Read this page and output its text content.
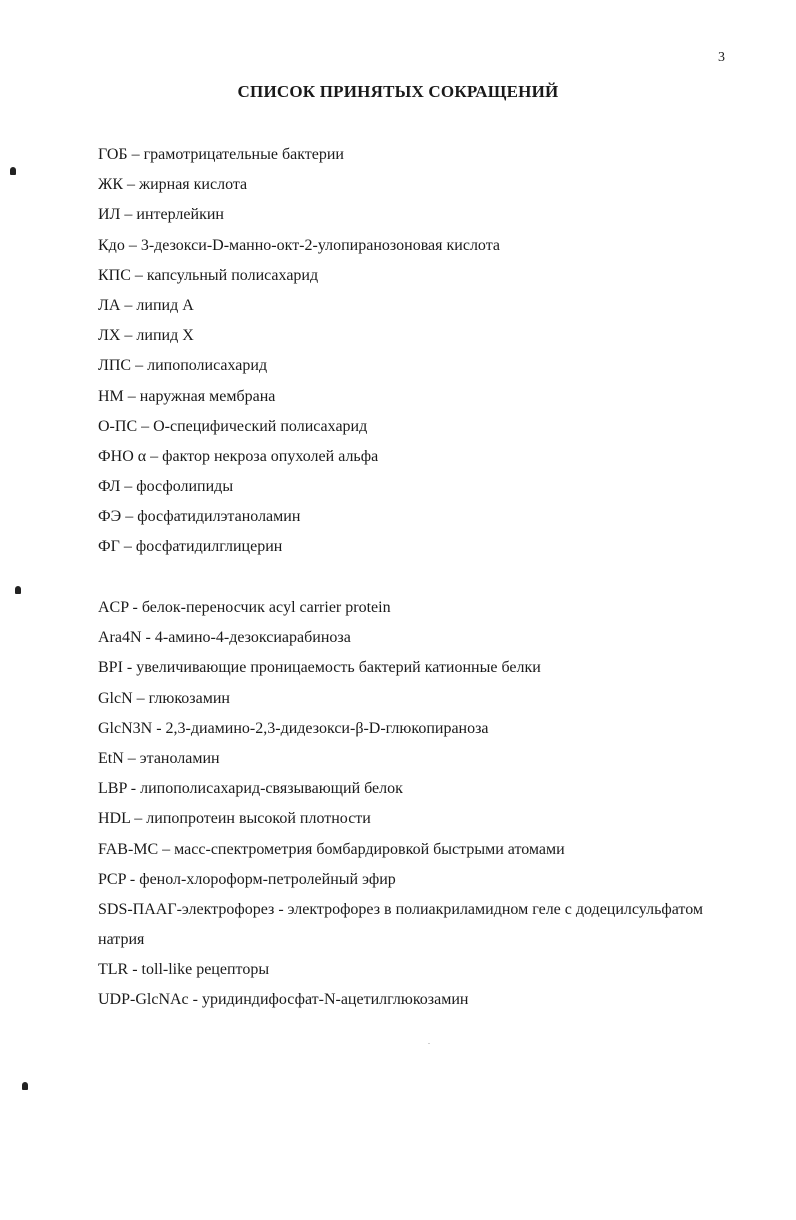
3
СПИСОК ПРИНЯТЫХ СОКРАЩЕНИЙ
ГОБ – грамотрицательные бактерии
ЖК – жирная кислота
ИЛ – интерлейкин
Кдо – 3-дезокси-D-манно-окт-2-улопиранозоновая кислота
КПС – капсульный полисахарид
ЛА – липид А
ЛХ – липид Х
ЛПС – липополисахарид
НМ – наружная мембрана
О-ПС – О-специфический полисахарид
ФНО α – фактор некроза опухолей альфа
ФЛ – фосфолипиды
ФЭ – фосфатидилэтаноламин
ФГ – фосфатидилглицерин
ACP - белок-переносчик acyl carrier protein
Ara4N - 4-амино-4-дезоксиарабиноза
BPI - увеличивающие проницаемость бактерий катионные белки
GlcN – глюкозамин
GlcN3N - 2,3-диамино-2,3-дидезокси-β-D-глюкопираноза
EtN – этаноламин
LBP - липополисахарид-связывающий белок
HDL – липопротеин высокой плотности
FAB-МС – масс-спектрометрия бомбардировкой быстрыми атомами
PCP - фенол-хлороформ-петролейный эфир
SDS-ПААГ-электрофорез - электрофорез в полиакриламидном геле с додецилсульфатом натрия
TLR - toll-like рецепторы
UDP-GlcNAc - уридиндифосфат-N-ацетилглюкозамин
